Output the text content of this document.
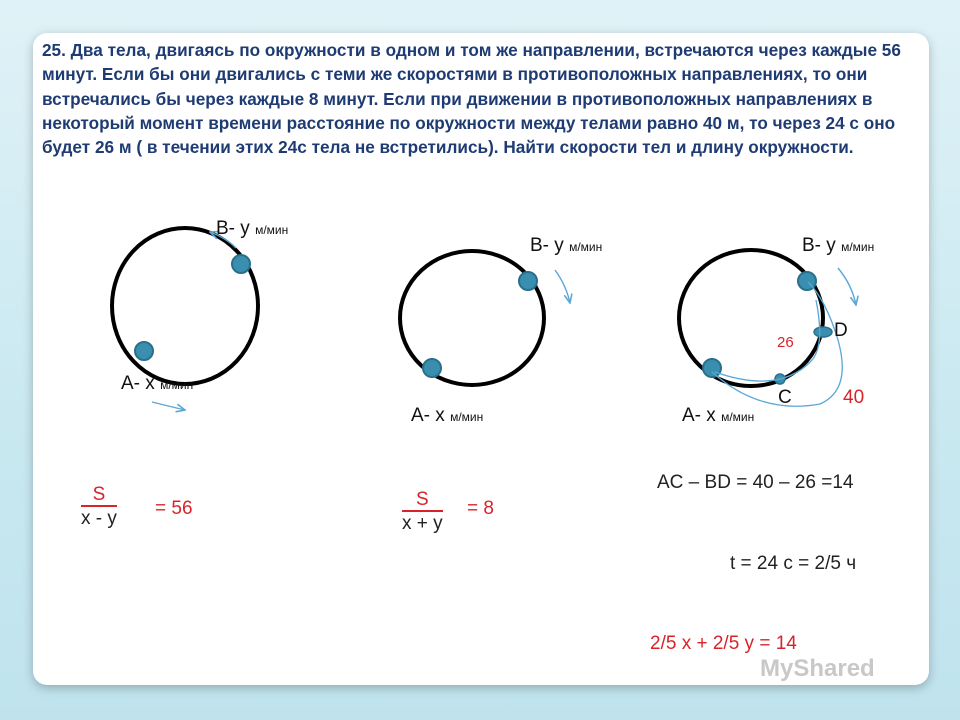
25. Два тела, двигаясь по окружности в одном и том же направлении, встречаются через каждые 56 минут. Если бы они двигались с теми же скоростями в противоположных направлениях, то они встречались бы через каждые 8 минут. Если при движении в противоположных направлениях в некоторый момент времени расстояние по окружности между телами равно 40 м, то через 24 с оно будет 26 м ( в течении этих 24с тела не встретились). Найти скорости тел и длину окружности.

B- y м/мин
A- x м/мин
B- y м/мин
A- x м/мин
B- y м/мин
A- x м/мин
D
C
26
40
$\frac{S}{x - y} = 56$	$\frac{S}{x + y} = 8$
AC – BD = 40 – 26 =14
t = 24 c = 2/5 ч
2/5 x + 2/5 y = 14
MyShared
